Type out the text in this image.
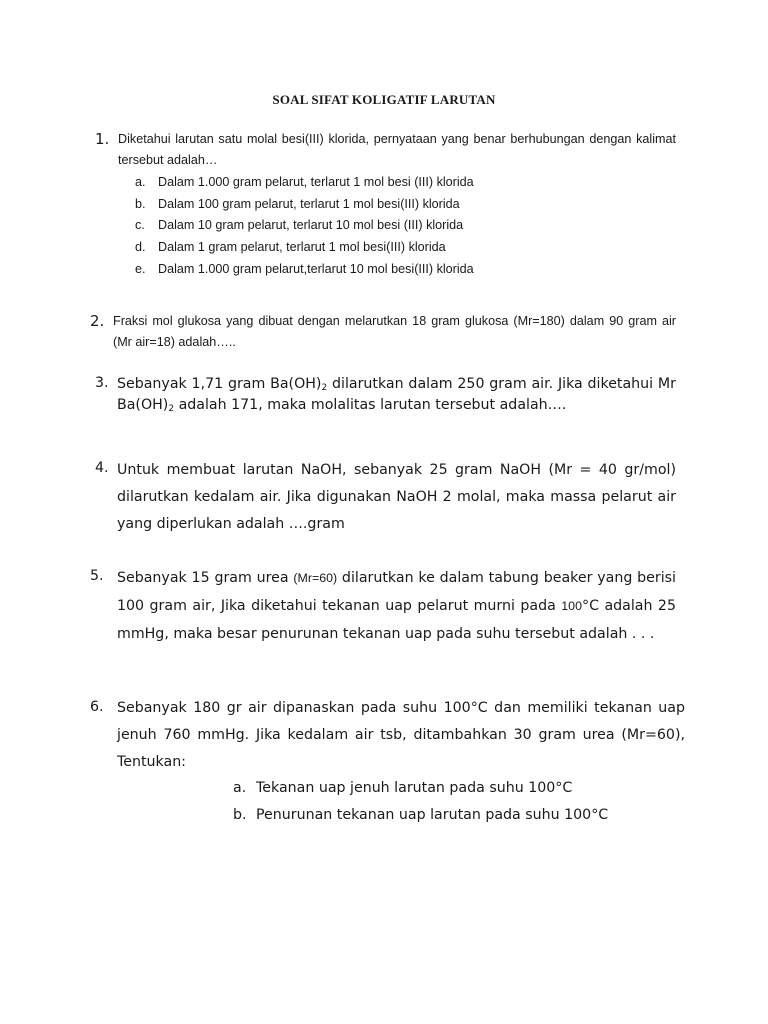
SOAL SIFAT KOLIGATIF LARUTAN
1. Diketahui larutan satu molal besi(III) klorida, pernyataan yang benar berhubungan dengan kalimat tersebut adalah…
a. Dalam 1.000 gram pelarut, terlarut 1 mol besi (III) klorida
b. Dalam 100 gram pelarut, terlarut 1 mol besi(III) klorida
c. Dalam 10 gram pelarut, terlarut 10 mol besi (III) klorida
d. Dalam 1 gram pelarut, terlarut 1 mol besi(III) klorida
e. Dalam 1.000 gram pelarut,terlarut 10 mol besi(III) klorida
2. Fraksi mol glukosa yang dibuat dengan melarutkan 18 gram glukosa (Mr=180) dalam 90 gram air (Mr air=18) adalah…..
3. Sebanyak 1,71 gram $Ba(OH)_2$ dilarutkan dalam 250 gram air. Jika diketahui Mr $Ba(OH)_2$ adalah 171, maka molalitas larutan tersebut adalah….
4. Untuk membuat larutan NaOH, sebanyak 25 gram NaOH (Mr = 40 gr/mol) dilarutkan kedalam air. Jika digunakan NaOH 2 molal, maka massa pelarut air yang diperlukan adalah ….gram
5. Sebanyak 15 gram urea (Mr=60) dilarutkan ke dalam tabung beaker yang berisi 100 gram air, Jika diketahui tekanan uap pelarut murni pada 100°C adalah 25 mmHg, maka besar penurunan tekanan uap pada suhu tersebut adalah . . .
6. Sebanyak 180 gr air dipanaskan pada suhu 100°C dan memiliki tekanan uap jenuh 760 mmHg. Jika kedalam air tsb, ditambahkan 30 gram urea (Mr=60), Tentukan:
a. Tekanan uap jenuh larutan pada suhu 100°C
b. Penurunan tekanan uap larutan pada suhu 100°C
